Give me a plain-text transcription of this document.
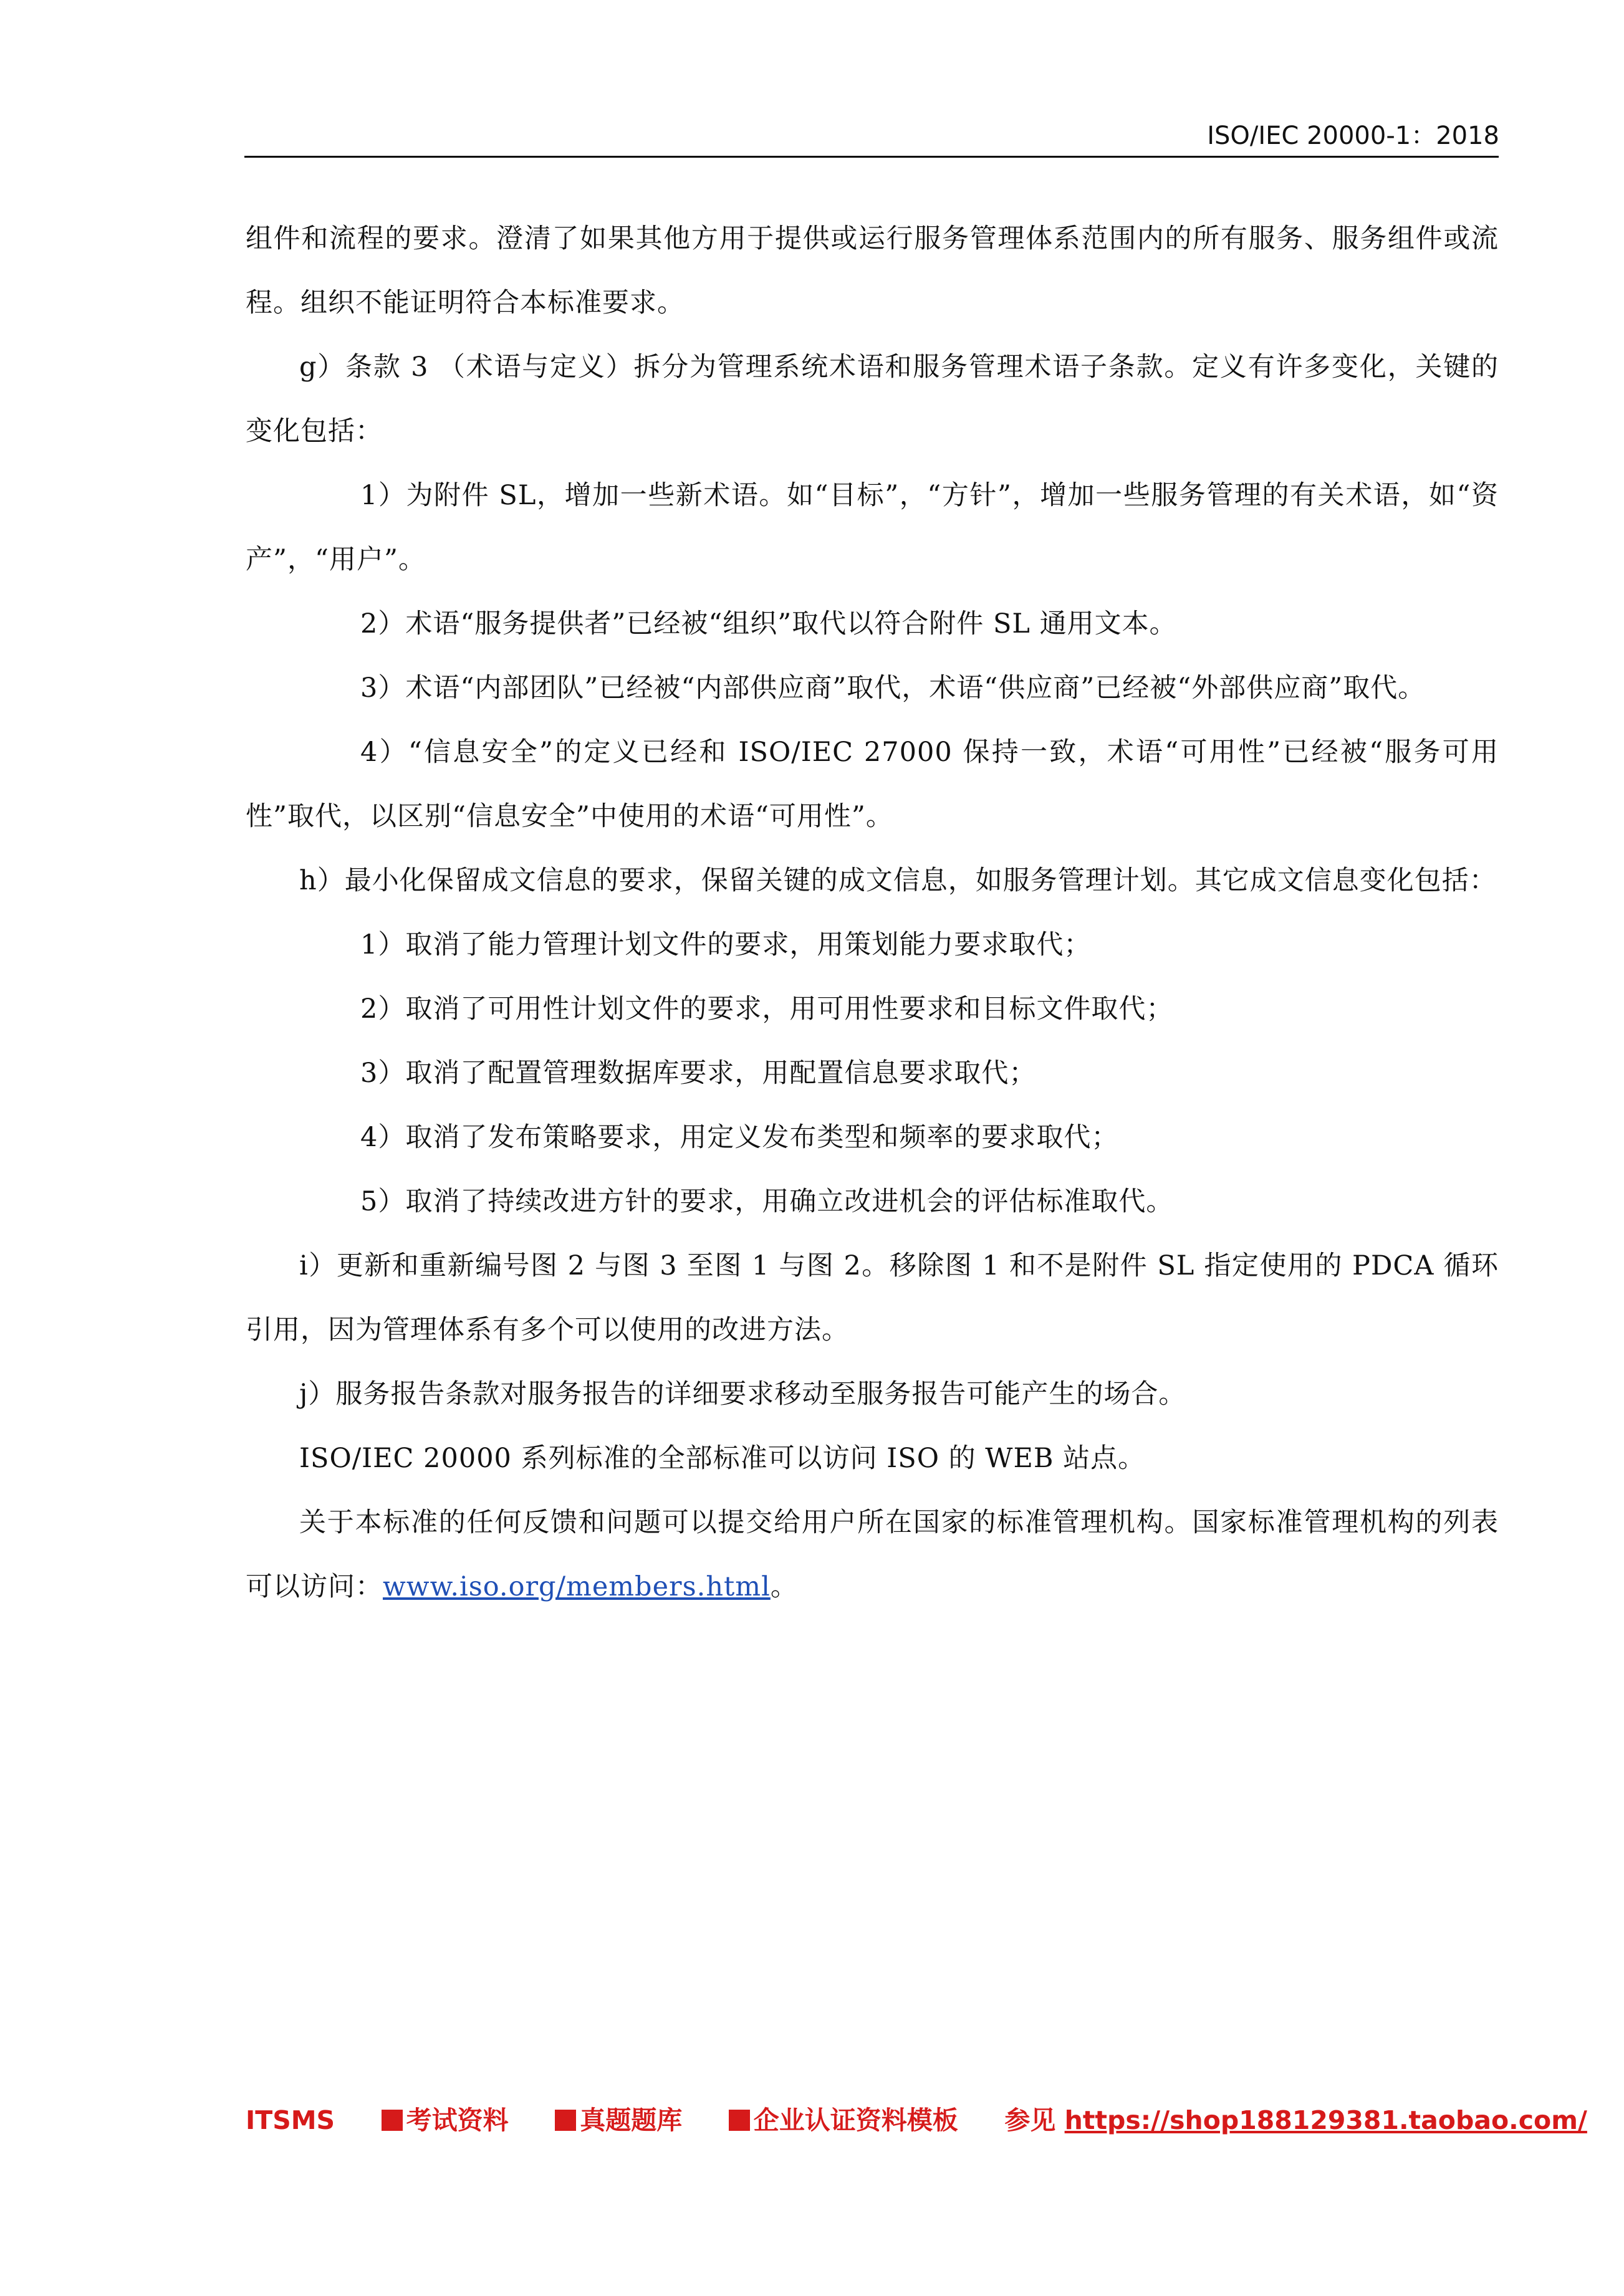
ISO/IEC 20000-1：2018

组件和流程的要求。澄清了如果其他方用于提供或运行服务管理体系范围内的所有服务、服务组件或流程。组织不能证明符合本标准要求。

g）条款 3 （术语与定义）拆分为管理系统术语和服务管理术语子条款。定义有许多变化，关键的变化包括：

1）为附件 SL，增加一些新术语。如“目标”，“方针”，增加一些服务管理的有关术语，如“资产”，“用户”。

2）术语“服务提供者”已经被“组织”取代以符合附件 SL 通用文本。

3）术语“内部团队”已经被“内部供应商”取代，术语“供应商”已经被“外部供应商”取代。

4）“信息安全”的定义已经和 ISO/IEC 27000 保持一致，术语“可用性”已经被“服务可用性”取代，以区别“信息安全”中使用的术语“可用性”。

h）最小化保留成文信息的要求，保留关键的成文信息，如服务管理计划。其它成文信息变化包括：

1）取消了能力管理计划文件的要求，用策划能力要求取代；

2）取消了可用性计划文件的要求，用可用性要求和目标文件取代；

3）取消了配置管理数据库要求，用配置信息要求取代；

4）取消了发布策略要求，用定义发布类型和频率的要求取代；

5）取消了持续改进方针的要求，用确立改进机会的评估标准取代。

i）更新和重新编号图 2 与图 3 至图 1 与图 2。移除图 1 和不是附件 SL 指定使用的 PDCA 循环引用，因为管理体系有多个可以使用的改进方法。

j）服务报告条款对服务报告的详细要求移动至服务报告可能产生的场合。

ISO/IEC 20000 系列标准的全部标准可以访问 ISO 的 WEB 站点。

关于本标准的任何反馈和问题可以提交给用户所在国家的标准管理机构。国家标准管理机构的列表可以访问：www.iso.org/members.html。

ITSMS	考试资料	真题题库	企业认证资料模板 参见 https://shop188129381.taobao.com/
